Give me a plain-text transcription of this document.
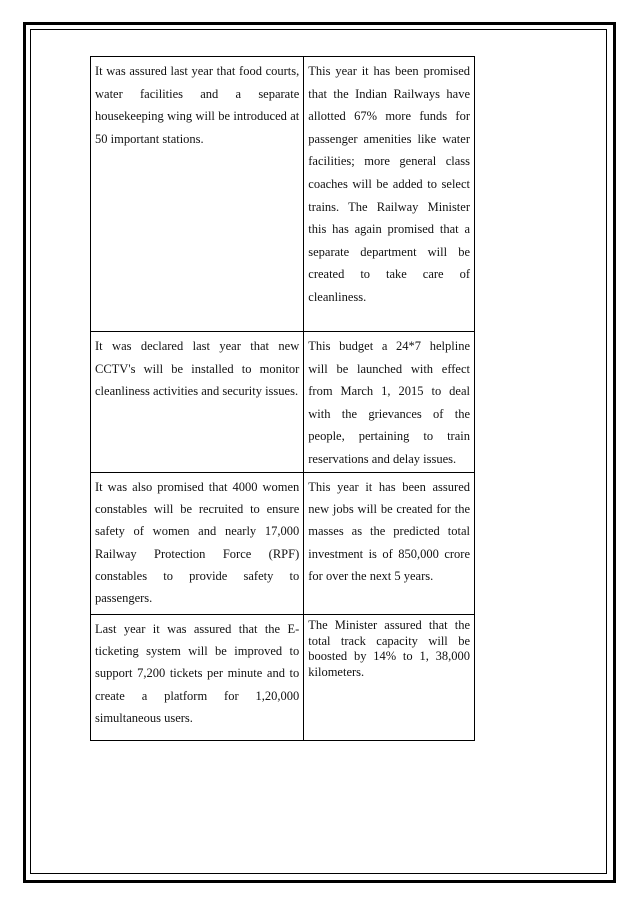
It was assured last year that food courts, water facilities and a separate housekeeping wing will be introduced at 50 important stations.	This year it has been promised that the Indian Railways have allotted 67% more funds for passenger amenities like water facilities; more general class coaches will be added to select trains. The Railway Minister this has again promised that a separate department will be created to take care of cleanliness.
It was declared last year that new CCTV's will be installed to monitor cleanliness activities and security issues.	This budget a 24*7 helpline will be launched with effect from March 1, 2015 to deal with the grievances of the people, pertaining to train reservations and delay issues.
It was also promised that 4000 women constables will be recruited to ensure safety of women and nearly 17,000 Railway Protection Force (RPF) constables to provide safety to passengers.	This year it has been assured new jobs will be created for the masses as the predicted total investment is of 850,000 crore for over the next 5 years.
Last year it was assured that the E-ticketing system will be improved to support 7,200 tickets per minute and to create a platform for 1,20,000 simultaneous users.	The Minister assured that the total track capacity will be boosted by 14% to 1, 38,000 kilometers.
